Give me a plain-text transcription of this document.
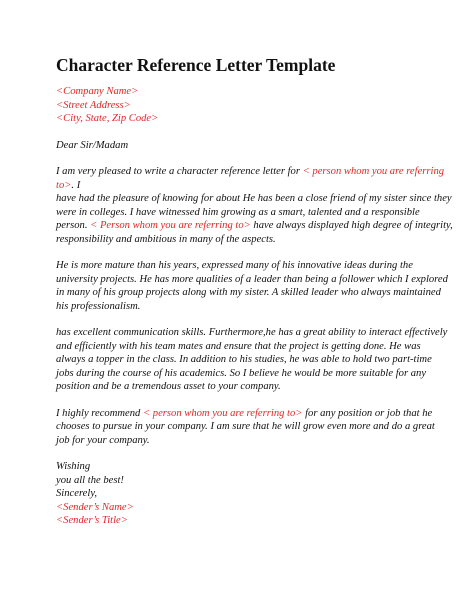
Character Reference Letter Template
<Company Name>
<Street Address>
<City, State, Zip Code>
Dear Sir/Madam
I am very pleased to write a character reference letter for < person whom you are referring
to>. I
have had the pleasure of knowing for about He has been a close friend of my sister since they
were in colleges. I have witnessed him growing as a smart, talented and a responsible
person. < Person whom you are referring to> have always displayed high degree of integrity,
responsibility and ambitious in many of the aspects.
He is more mature than his years, expressed many of his innovative ideas during the
university projects. He has more qualities of a leader than being a follower which I explored
in many of his group projects along with my sister. A skilled leader who always maintained
his professionalism.
has excellent communication skills. Furthermore,he has a great ability to interact effectively
and efficiently with his team mates and ensure that the project is getting done. He was
always a topper in the class. In addition to his studies, he was able to hold two part-time
jobs during the course of his academics. So I believe he would be more suitable for any
position and be a tremendous asset to your company.
I highly recommend < person whom you are referring to> for any position or job that he
chooses to pursue in your company. I am sure that he will grow even more and do a great
job for your company.
Wishing
you all the best!
Sincerely,
<Sender’s Name>
<Sender’s Title>
